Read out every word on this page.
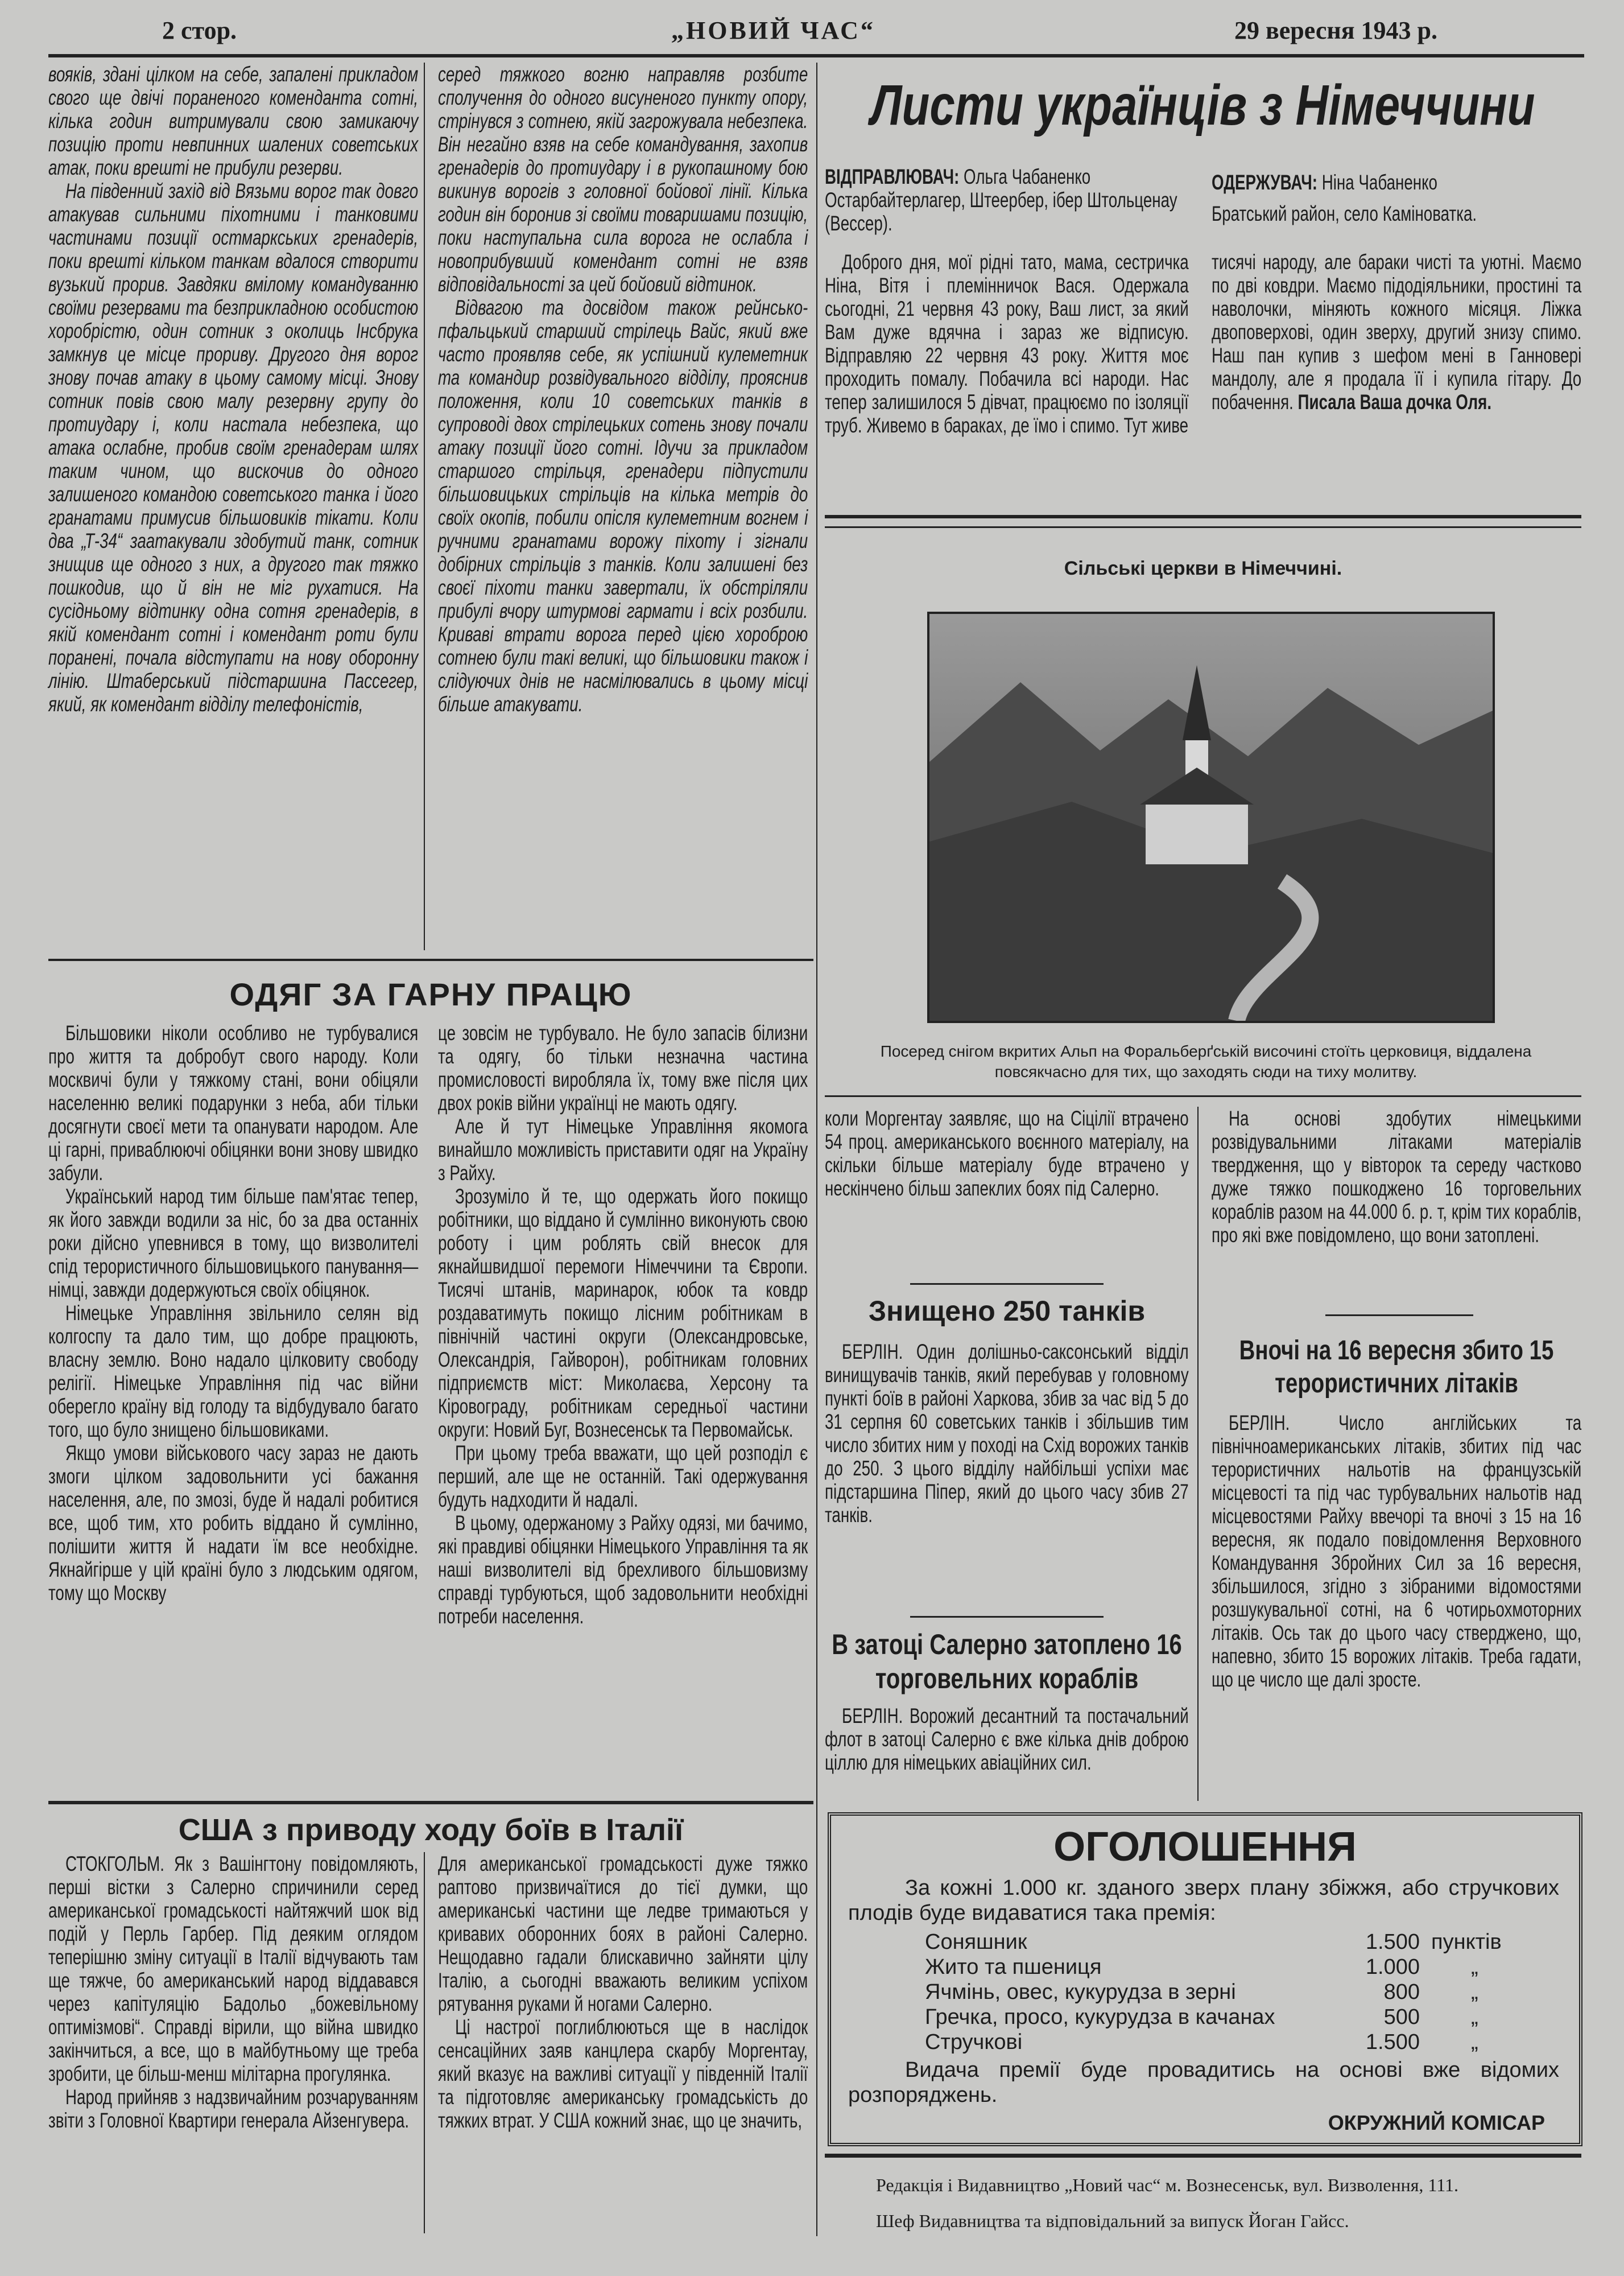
2 стор.	„НОВИЙ ЧАС“	29 вересня 1943 р.

вояків, здані цілком на себе, запалені прикладом свого ще двічі пораненого коменданта сотні, кілька годин витримували свою замикаючу позицію проти невпинних шалених советських атак, поки врешті не прибули резерви.

На південний захід від Вязьми ворог так довго атакував сильними піхотними і танковими частинами позиції остмаркських гренадерів, поки врешті кільком танкам вдалося створити вузький прорив. Завдяки вмілому командуванню своїми резервами та безприкладною особистою хоробрістю, один сотник з околиць Інсбрука замкнув це місце прориву. Другого дня ворог знову почав атаку в цьому самому місці. Знову сотник повів свою малу резервну групу до протиудару і, коли настала небезпека, що атака ослабне, пробив своїм гренадерам шлях таким чином, що вискочив до одного залишеного командою советського танка і його гранатами примусив більшовиків тікати. Коли два „Т-34“ заатакували здобутий танк, сотник знищив ще одного з них, а другого так тяжко пошкодив, що й він не міг рухатися. На сусідньому відтинку одна сотня гренадерів, в якій комендант сотні і комендант роти були поранені, почала відступати на нову оборонну лінію. Штаберський підстаршина Пассегер, який, як комендант відділу телефоністів,

серед тяжкого вогню направляв розбите сполучення до одного висуненого пункту опору, стрінувся з сотнею, якій загрожувала небезпека. Він негайно взяв на себе командування, захопив гренадерів до протиудару і в рукопашному бою викинув ворогів з головної бойової лінії. Кілька годин він боронив зі своїми товаришами позицію, поки наступальна сила ворога не ослабла і новоприбувший комендант сотні не взяв відповідальності за цей бойовий відтинок.

Відвагою та досвідом також рейнсько-пфальцький старший стрілець Вайс, який вже часто проявляв себе, як успішний кулеметник та командир розвідувального відділу, прояснив положення, коли 10 советських танків в супроводі двох стрілецьких сотень знову почали атаку позиції його сотні. Ідучи за прикладом старшого стрільця, гренадери підпустили більшовицьких стрільців на кілька метрів до своїх окопів, побили опісля кулеметним вогнем і ручними гранатами ворожу піхоту і зігнали добірних стрільців з танків. Коли залишені без своєї піхоти танки завертали, їх обстріляли прибулі вчору штурмові гармати і всіх розбили. Криваві втрати ворога перед цією хороброю сотнею були такі великі, що більшовики також і слідуючих днів не насмілювались в цьому місці більше атакувати.

Листи українців з Німеччини
ВІДПРАВЛЮВАЧ: Ольга Чабаненко Остарбайтерлагер, Штеербер, ібер Штольценау (Вессер).

ОДЕРЖУВАЧ: Ніна Чабаненко

Братський район, село Каміноватка.

Доброго дня, мої рідні тато, мама, сестричка Ніна, Вітя і племінничок Вася. Одержала сьогодні, 21 червня 43 року, Ваш лист, за який Вам дуже вдячна і зараз же відписую. Відправляю 22 червня 43 року. Життя моє проходить помалу. Побачила всі народи. Нас тепер залишилося 5 дівчат, працюємо по ізоляції труб. Живемо в бараках, де їмо і спимо. Тут живе

тисячі народу, але бараки чисті та уютні. Маємо по дві ковдри. Маємо підодіяльники, простині та наволочки, міняють кожного місяця. Ліжка двоповерхові, один зверху, другий знизу спимо. Наш пан купив з шефом мені в Ганновері мандолу, але я продала її і купила гітару. До побачення. Писала Ваша дочка Оля.

Сільські церкви в Німеччині.
Посеред снігом вкритих Альп на Форальберґській височині стоїть церковиця, віддалена повсякчасно для тих, що заходять сюди на тиху молитву.
ОДЯГ ЗА ГАРНУ ПРАЦЮ

Більшовики ніколи особливо не турбувалися про життя та добробут свого народу. Коли москвичі були у тяжкому стані, вони обіцяли населенню великі подарунки з неба, аби тільки досягнути своєї мети та опанувати народом. Але ці гарні, приваблюючі обіцянки вони знову швидко забули.

Український народ тим більше пам'ятає тепер, як його завжди водили за ніс, бо за два останніх роки дійсно упевнився в тому, що визволителі спід терористичного більшовицького панування—німці, завжди додержуються своїх обіцянок.

Німецьке Управління звільнило селян від колгоспу та дало тим, що добре працюють, власну землю. Воно надало цілковиту свободу релігії. Німецьке Управління під час війни оберегло країну від голоду та відбудувало багато того, що було знищено більшовиками.

Якщо умови військового часу зараз не дають змоги цілком задовольнити усі бажання населення, але, по змозі, буде й надалі робитися все, щоб тим, хто робить віддано й сумлінно, полішити життя й надати їм все необхідне. Якнайгірше у цій країні було з людським одягом, тому що Москву

це зовсім не турбувало. Не було запасів білизни та одягу, бо тільки незначна частина промисловості виробляла їх, тому вже після цих двох років війни українці не мають одягу.

Але й тут Німецьке Управління якомога винайшло можливість приставити одяг на Україну з Райху.

Зрозуміло й те, що одержать його покищо робітники, що віддано й сумлінно виконують свою роботу і цим роблять свій внесок для якнайшвидшої перемоги Німеччини та Європи. Тисячі штанів, маринарок, юбок та ковдр роздаватимуть покищо лісним робітникам в північній частині округи (Олександровське, Олександрія, Гайворон), робітникам головних підприємств міст: Миколаєва, Херсону та Кіровограду, робітникам середньої частини округи: Новий Буг, Вознесенськ та Первомайськ.

При цьому треба вважати, що цей розподіл є перший, але ще не останній. Такі одержування будуть надходити й надалі.

В цьому, одержаному з Райху одязі, ми бачимо, які правдиві обіцянки Німецького Управління та як наші визволителі від брехливого більшовизму справді турбуються, щоб задовольнити необхідні потреби населення.

коли Моргентау заявляє, що на Сіцілії втрачено 54 проц. американського воєнного матеріалу, на скільки більше матеріалу буде втрачено у нескінчено більш запеклих боях під Салерно.

На основі здобутих німецькими розвідувальними літаками матеріалів твердження, що у вівторок та середу частково дуже тяжко пошкоджено 16 торговельних кораблів разом на 44.000 б. р. т, крім тих кораблів, про які вже повідомлено, що вони затоплені.

Знищено 250 танків

БЕРЛІН. Один долішньо-саксонський відділ винищувачів танків, який перебував у головному пункті боїв в районі Харкова, збив за час від 5 до 31 серпня 60 советських танків і збільшив тим число збитих ним у поході на Схід ворожих танків до 250. З цього відділу найбільші успіхи має підстаршина Піпер, який до цього часу збив 27 танків.

Вночі на 16 вересня збито 15 терористичних літаків

БЕРЛІН. Число англійських та північноамериканських літаків, збитих під час терористичних нальотів на французській місцевості та під час турбувальних нальотів над місцевостями Райху ввечорі та вночі з 15 на 16 вересня, як подало повідомлення Верховного Командування Збройних Сил за 16 вересня, збільшилося, згідно з зібраними відомостями розшукувальної сотні, на 6 чотирьохмоторних літаків. Ось так до цього часу стверджено, що, напевно, збито 15 ворожих літаків. Треба гадати, що це число ще далі зросте.

В затоці Салерно затоплено 16 торговельних кораблів

БЕРЛІН. Ворожий десантний та постачальний флот в затоці Салерно є вже кілька днів доброю ціллю для німецьких авіаційних сил.

США з приводу ходу боїв в Італії

СТОКГОЛЬМ. Як з Вашінгтону повідомляють, перші вістки з Салерно спричинили серед американської громадськості найтяжчий шок від подій у Перль Гарбер. Під деяким оглядом теперішню зміну ситуації в Італії відчувають там ще тяжче, бо американський народ віддавався через капітуляцію Бадольо „божевільному оптимізмові“. Справді вірили, що війна швидко закінчиться, а все, що в майбутньому ще треба зробити, це більш-менш мілітарна прогулянка.

Народ прийняв з надзвичайним розчаруванням звіти з Головної Квартири генерала Айзенгувера.

Для американської громадськості дуже тяжко раптово призвичаїтися до тієї думки, що американські частини ще ледве тримаються у кривавих оборонних боях в районі Салерно. Нещодавно гадали блискавично зайняти цілу Італію, а сьогодні вважають великим успіхом рятування руками й ногами Салерно.

Ці настрої поглиблюються ще в наслідок сенсаційних заяв канцлера скарбу Моргентау, який вказує на важливі ситуації у південній Італії та підготовляє американську громадськість до тяжких втрат. У США кожний знає, що це значить,

ОГОЛОШЕННЯ
За кожні 1.000 кг. зданого зверх плану збіжжя, або стручкових плодів буде видаватися така премія:
Соняшник	1.500 пунктів
Жито та пшениця	1.000 „
Ячмінь, овес, кукурудза в зерні	800 „
Гречка, просо, кукурудза в качанах	500 „
Стручкові	1.500 „
Видача премії буде провадитись на основі вже відомих розпоряджень.
ОКРУЖНИЙ КОМІСАР
Редакція і Видавництво „Новий час“ м. Вознесенськ, вул. Визволення, 111.
Шеф Видавництва та відповідальний за випуск Йоган Гайсс.
